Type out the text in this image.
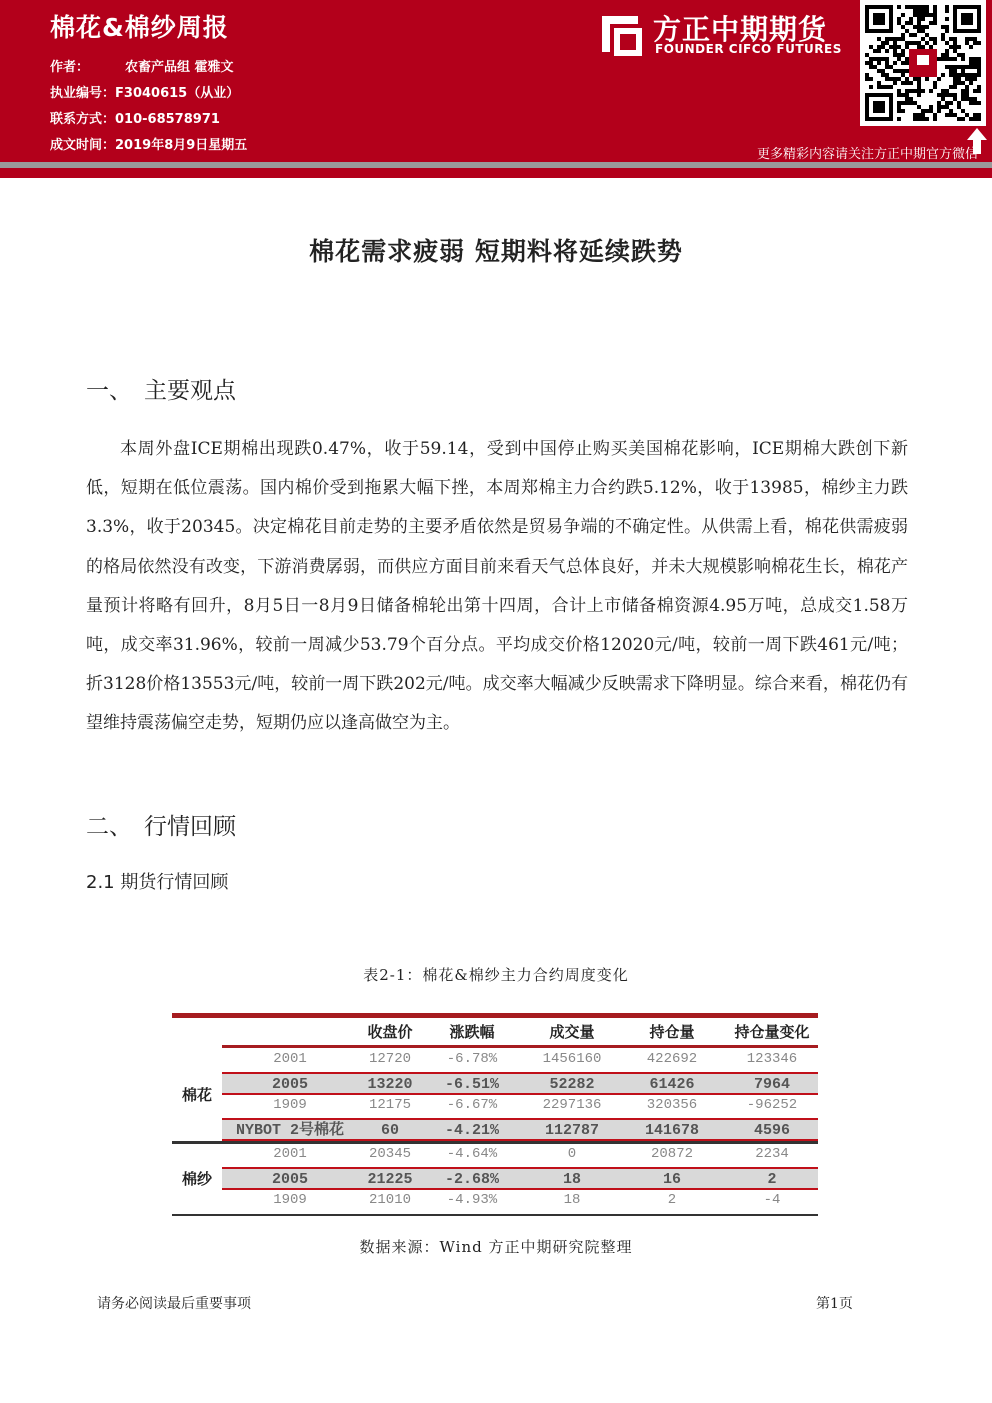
棉花&棉纱周报
作者：	农畜产品组 霍雅文
执业编号：F3040615（从业）
联系方式：010-68578971
成文时间：2019年8月9日星期五
方正中期期货
FOUNDER CIFCO FUTURES
更多精彩内容请关注方正中期官方微信
棉花需求疲弱 短期料将延续跌势
一、 主要观点

本周外盘ICE期棉出现跌0.47%，收于59.14，受到中国停止购买美国棉花影响，ICE期棉大跌创下新低，短期在低位震荡。国内棉价受到拖累大幅下挫，本周郑棉主力合约跌5.12%，收于13985，棉纱主力跌3.3%，收于20345。决定棉花目前走势的主要矛盾依然是贸易争端的不确定性。从供需上看，棉花供需疲弱的格局依然没有改变，下游消费孱弱，而供应方面目前来看天气总体良好，并未大规模影响棉花生长，棉花产量预计将略有回升，8月5日一8月9日储备棉轮出第十四周，合计上市储备棉资源4.95万吨，总成交1.58万吨，成交率31.96%，较前一周减少53.79个百分点。平均成交价格12020元/吨，较前一周下跌461元/吨；折3128价格13553元/吨，较前一周下跌202元/吨。成交率大幅减少反映需求下降明显。综合来看，棉花仍有望维持震荡偏空走势，短期仍应以逢高做空为主。

二、 行情回顾
2.1 期货行情回顾
表2-1：棉花&棉纱主力合约周度变化
收盘价	涨跌幅	成交量	持仓量	持仓量变化
2001	12720	-6.78%	1456160	422692	123346
2005	13220	-6.51%	52282	61426	7964
1909	12175	-6.67%	2297136	320356	-96252
NYBOT 2号棉花	60	-4.21%	112787	141678	4596
棉花
2001	20345	-4.64%	0	20872	2234
2005	21225	-2.68%	18	16	2
1909	21010	-4.93%	18	2	-4
棉纱
数据来源：Wind 方正中期研究院整理
请务必阅读最后重要事项	第1页
